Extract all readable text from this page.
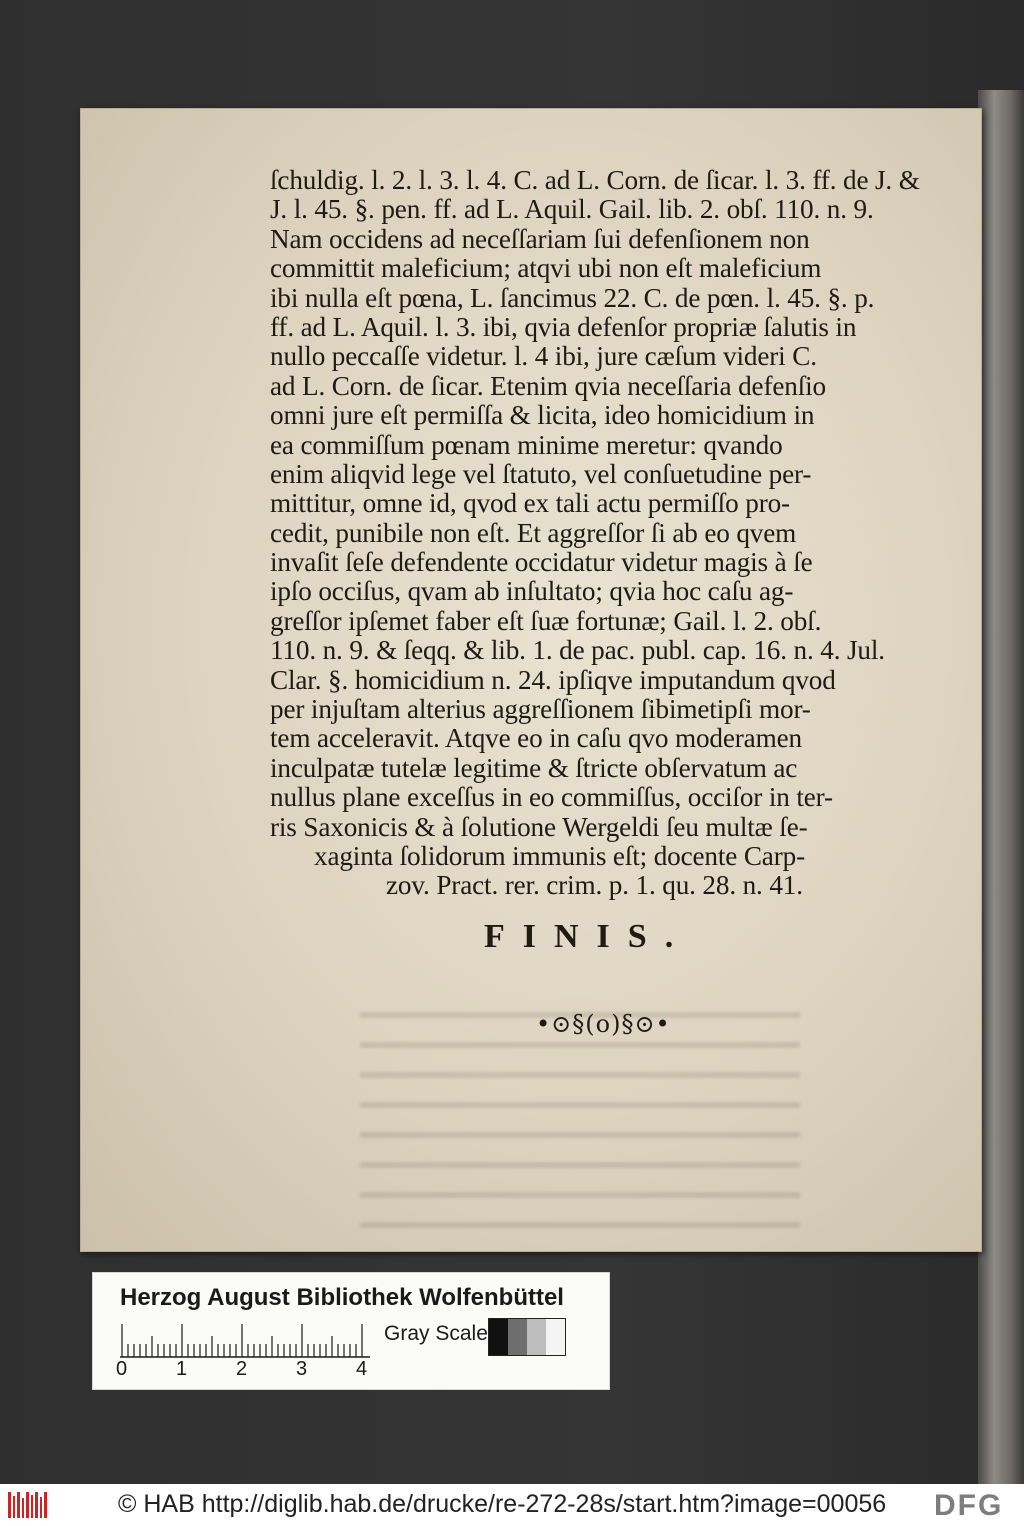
ſchuldig. l. 2. l. 3. l. 4. C. ad L. Corn. de ſicar. l. 3. ff. de J. &
J. l. 45. §. pen. ff. ad L. Aquil. Gail. lib. 2. obſ. 110. n. 9.
Nam occidens ad neceſſariam ſui defenſionem non
committit maleficium; atqvi ubi non eſt maleficium
ibi nulla eſt pœna, L. ſancimus 22. C. de pœn. l. 45. §. p.
ff. ad L. Aquil. l. 3. ibi, qvia defenſor propriæ ſalutis in
nullo peccaſſe videtur. l. 4 ibi, jure cæſum videri C.
ad L. Corn. de ſicar. Etenim qvia neceſſaria defenſio
omni jure eſt permiſſa & licita, ideo homicidium in
ea commiſſum pœnam minime meretur: qvando
enim aliqvid lege vel ſtatuto, vel conſuetudine per-
mittitur, omne id, qvod ex tali actu permiſſo pro-
cedit, punibile non eſt. Et aggreſſor ſi ab eo qvem
invaſit ſeſe defendente occidatur videtur magis à ſe
ipſo occiſus, qvam ab inſultato; qvia hoc caſu ag-
greſſor ipſemet faber eſt ſuæ fortunæ; Gail. l. 2. obſ.
110. n. 9. & ſeqq. & lib. 1. de pac. publ. cap. 16. n. 4. Jul.
Clar. §. homicidium n. 24. ipſiqve imputandum qvod
per injuſtam alterius aggreſſionem ſibimetipſi mor-
tem acceleravit. Atqve eo in caſu qvo moderamen
inculpatæ tutelæ legitime & ſtricte obſervatum ac
nullus plane exceſſus in eo commiſſus, occiſor in ter-
ris Saxonicis & à ſolutione Wergeldi ſeu multæ ſe-
xaginta ſolidorum immunis eſt; docente Carp-
zov. Pract. rer. crim. p. 1. qu. 28. n. 41.
FINIS.
•⊙§(o)§⊙•
Herzog August Bibliothek Wolfenbüttel
Gray Scale
0 1 2 3 4
© HAB http://diglib.hab.de/drucke/re-272-28s/start.htm?image=00056 DFG
